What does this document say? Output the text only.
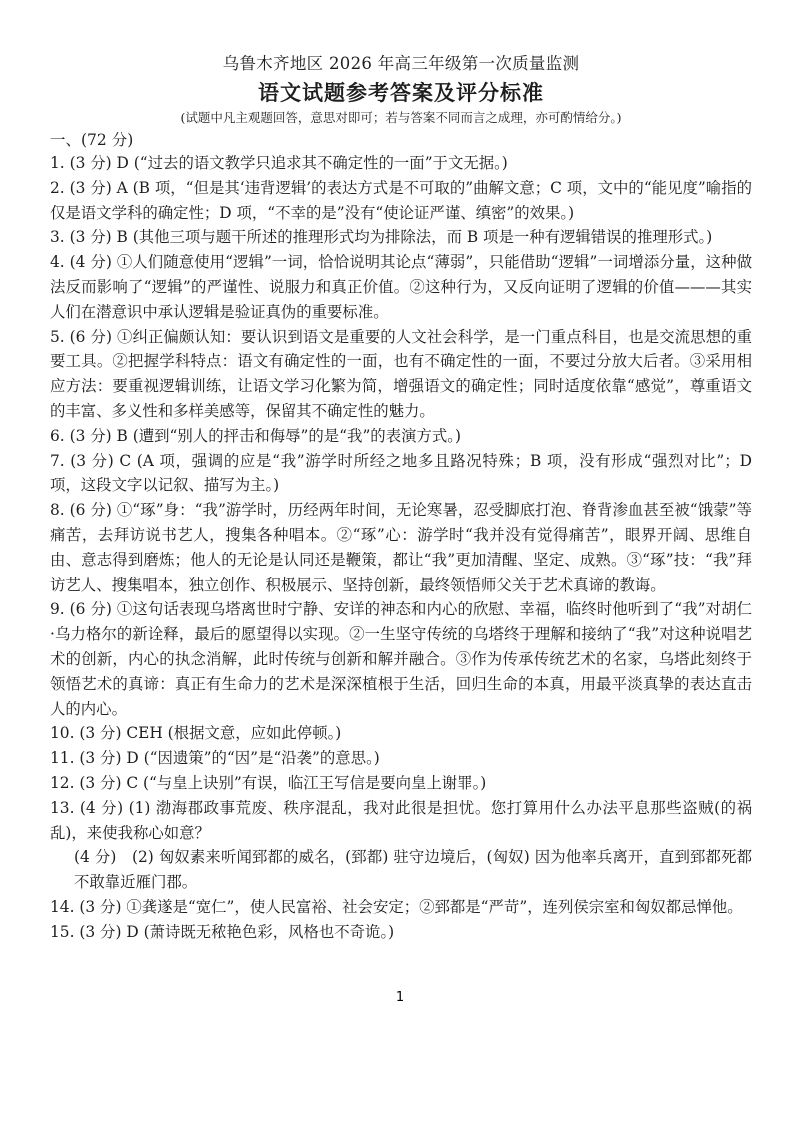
乌鲁木齐地区 2026 年高三年级第一次质量监测
语文试题参考答案及评分标准
(试题中凡主观题回答，意思对即可；若与答案不同而言之成理，亦可酌情给分。)
一、(72 分)

1. (3 分) D (“过去的语文教学只追求其不确定性的一面”于文无据。)

2. (3 分) A (B 项，“但是其‘违背逻辑’的表达方式是不可取的”曲解文意；C 项，文中的“能见度”喻指的仅是语文学科的确定性；D 项，“不幸的是”没有“使论证严谨、缜密”的效果。)

3. (3 分) B (其他三项与题干所述的推理形式均为排除法，而 B 项是一种有逻辑错误的推理形式。)

4. (4 分) ①人们随意使用“逻辑”一词，恰恰说明其论点“薄弱”，只能借助“逻辑”一词增添分量，这种做法反而影响了“逻辑”的严谨性、说服力和真正价值。②这种行为，又反向证明了逻辑的价值———其实人们在潜意识中承认逻辑是验证真伪的重要标准。

5. (6 分) ①纠正偏颇认知：要认识到语文是重要的人文社会科学，是一门重点科目，也是交流思想的重要工具。②把握学科特点：语文有确定性的一面，也有不确定性的一面，不要过分放大后者。③采用相应方法：要重视逻辑训练，让语文学习化繁为简，增强语文的确定性；同时适度依靠“感觉”，尊重语文的丰富、多义性和多样美感等，保留其不确定性的魅力。

6. (3 分) B (遭到“别人的抨击和侮辱”的是“我”的表演方式。)

7. (3 分) C (A 项，强调的应是“我”游学时所经之地多且路况特殊；B 项，没有形成“强烈对比”；D 项，这段文字以记叙、描写为主。)

8. (6 分) ①“琢”身：“我”游学时，历经两年时间，无论寒暑，忍受脚底打泡、脊背渗血甚至被“饿蒙”等痛苦，去拜访说书艺人，搜集各种唱本。②“琢”心：游学时“我并没有觉得痛苦”，眼界开阔、思维自由、意志得到磨炼；他人的无论是认同还是鞭策，都让“我”更加清醒、坚定、成熟。③“琢”技：“我”拜访艺人、搜集唱本，独立创作、积极展示、坚持创新，最终领悟师父关于艺术真谛的教诲。

9. (6 分) ①这句话表现乌塔离世时宁静、安详的神态和内心的欣慰、幸福，临终时他听到了“我”对胡仁·乌力格尔的新诠释，最后的愿望得以实现。②一生坚守传统的乌塔终于理解和接纳了“我”对这种说唱艺术的创新，内心的执念消解，此时传统与创新和解并融合。③作为传承传统艺术的名家，乌塔此刻终于领悟艺术的真谛：真正有生命力的艺术是深深植根于生活，回归生命的本真，用最平淡真挚的表达直击人的内心。

10. (3 分) CEH (根据文意，应如此停顿。)

11. (3 分) D (“因遗策”的“因”是“沿袭”的意思。)

12. (3 分) C (“与皇上诀别”有误，临江王写信是要向皇上谢罪。)

13. (4 分) (1) 渤海郡政事荒废、秩序混乱，我对此很是担忧。您打算用什么办法平息那些盗贼(的祸乱)，来使我称心如意？

(4 分)　(2) 匈奴素来听闻郅都的威名，(郅都) 驻守边境后，(匈奴) 因为他率兵离开，直到郅都死都不敢靠近雁门郡。

14. (3 分) ①龚遂是“宽仁”，使人民富裕、社会安定；②郅都是“严苛”，连列侯宗室和匈奴都忌惮他。

15. (3 分) D (萧诗既无秾艳色彩，风格也不奇诡。)

1
